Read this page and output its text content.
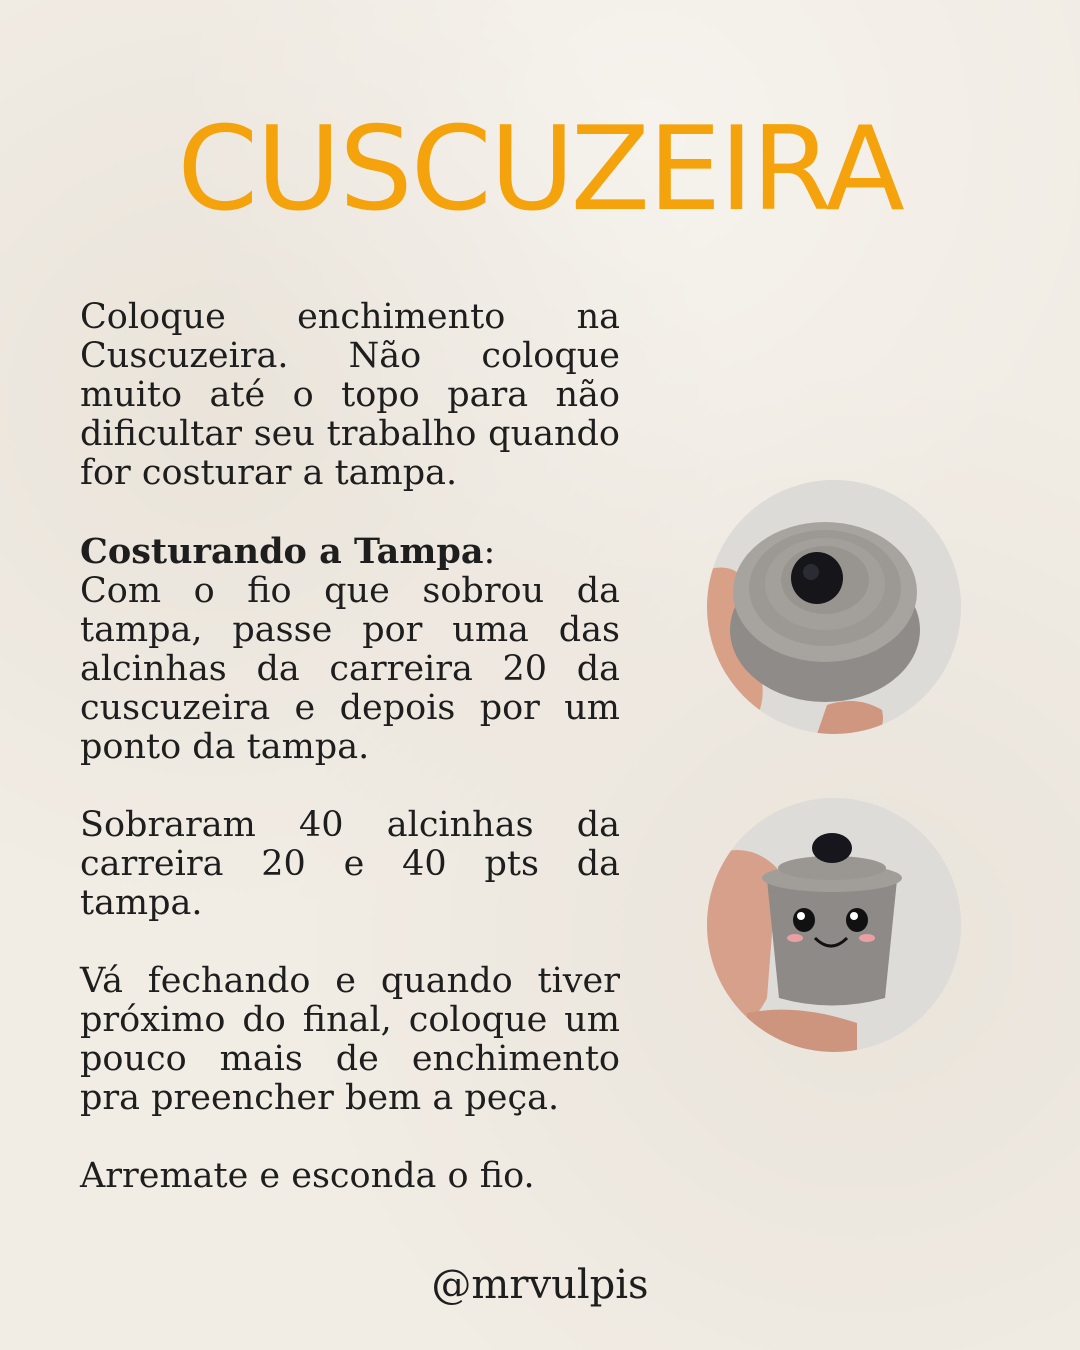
CUSCUZEIRA

Coloque enchimento na Cuscuzeira. Não coloque muito até o topo para não dificultar seu trabalho quando for costurar a tampa.

Costurando a Tampa:

Com o fio que sobrou da tampa, passe por uma das alcinhas da carreira 20 da cuscuzeira e depois por um ponto da tampa.

Sobraram 40 alcinhas da carreira 20 e 40 pts da tampa.

Vá fechando e quando tiver próximo do final, coloque um pouco mais de enchimento pra preencher bem a peça.

Arremate e esconda o fio.

@mrvulpis
